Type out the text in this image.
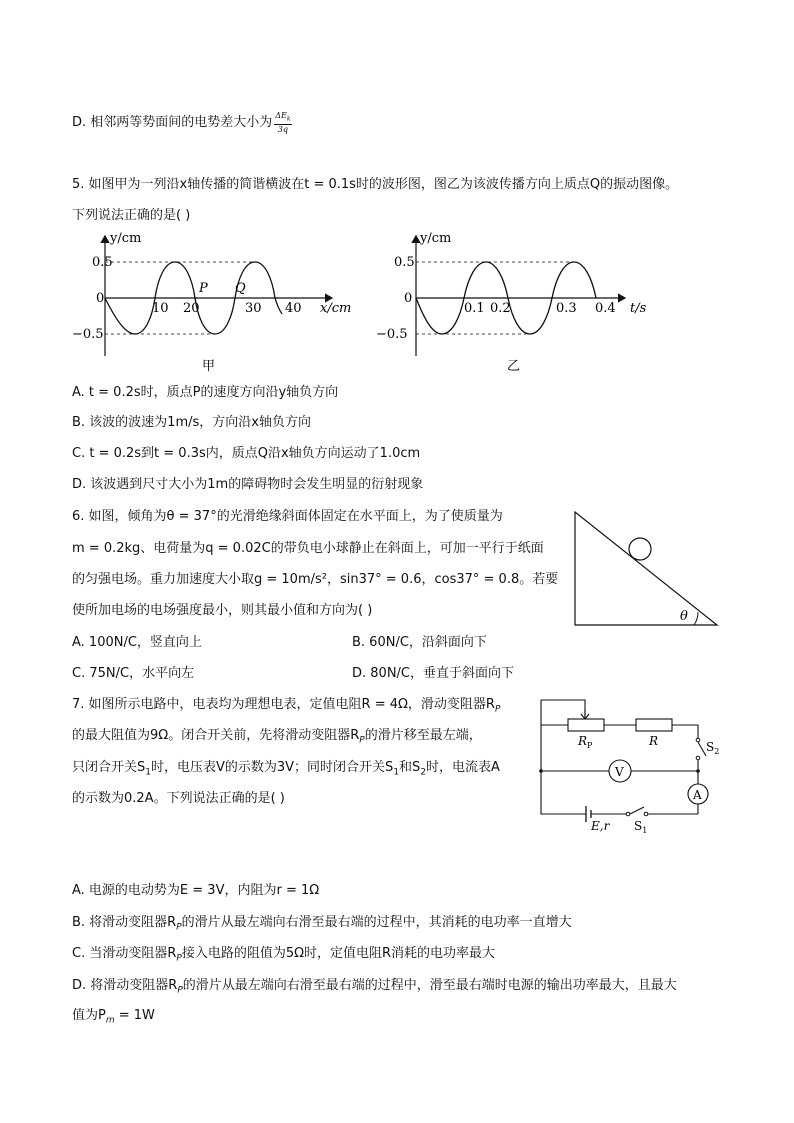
D. 相邻两等势面间的电势差大小为 $\frac{\Delta E_k}{3q}$
5. 如图甲为一列沿x轴传播的简谐横波在t = 0.1s时的波形图，图乙为该波传播方向上质点Q的振动图像。
下列说法正确的是( )
0.5
0
−0.5
y/cm
x/cm
10 20	30 40
P Q
甲
0.5
0
−0.5
y/cm
t/s
0.1 0.2	0.3 0.4
乙
A. t = 0.2s时，质点P的速度方向沿y轴负方向
B. 该波的波速为1m/s，方向沿x轴负方向
C. t = 0.2s到t = 0.3s内，质点Q沿x轴负方向运动了1.0cm
D. 该波遇到尺寸大小为1m的障碍物时会发生明显的衍射现象
6. 如图，倾角为θ = 37°的光滑绝缘斜面体固定在水平面上，为了使质量为
m = 0.2kg、电荷量为q = 0.02C的带负电小球静止在斜面上，可加一平行于纸面
的匀强电场。重力加速度大小取g = 10m/s²，sin37° = 0.6，cos37° = 0.8。若要
使所加电场的电场强度最小，则其最小值和方向为( )	θ
A. 100N/C，竖直向上	B. 60N/C，沿斜面向下
C. 75N/C，水平向左	D. 80N/C，垂直于斜面向下
7. 如图所示电路中，电表均为理想电表，定值电阻R = 4Ω，滑动变阻器$R_P$
的最大阻值为9Ω。闭合开关前，先将滑动变阻器$R_P$的滑片移至最左端，
只闭合开关$S_1$时，电压表V的示数为3V；同时闭合开关$S_1$和$S_2$时，电流表A
的示数为0.2A。下列说法正确的是( )
V
A
$R_P$	R	$S_2$
E,r $S_1$
A. 电源的电动势为E = 3V，内阻为r = 1Ω
B. 将滑动变阻器$R_P$的滑片从最左端向右滑至最右端的过程中，其消耗的电功率一直增大
C. 当滑动变阻器$R_P$接入电路的阻值为5Ω时，定值电阻R消耗的电功率最大
D. 将滑动变阻器$R_P$的滑片从最左端向右滑至最右端的过程中，滑至最右端时电源的输出功率最大，且最大
值为$P_m = 1W$
